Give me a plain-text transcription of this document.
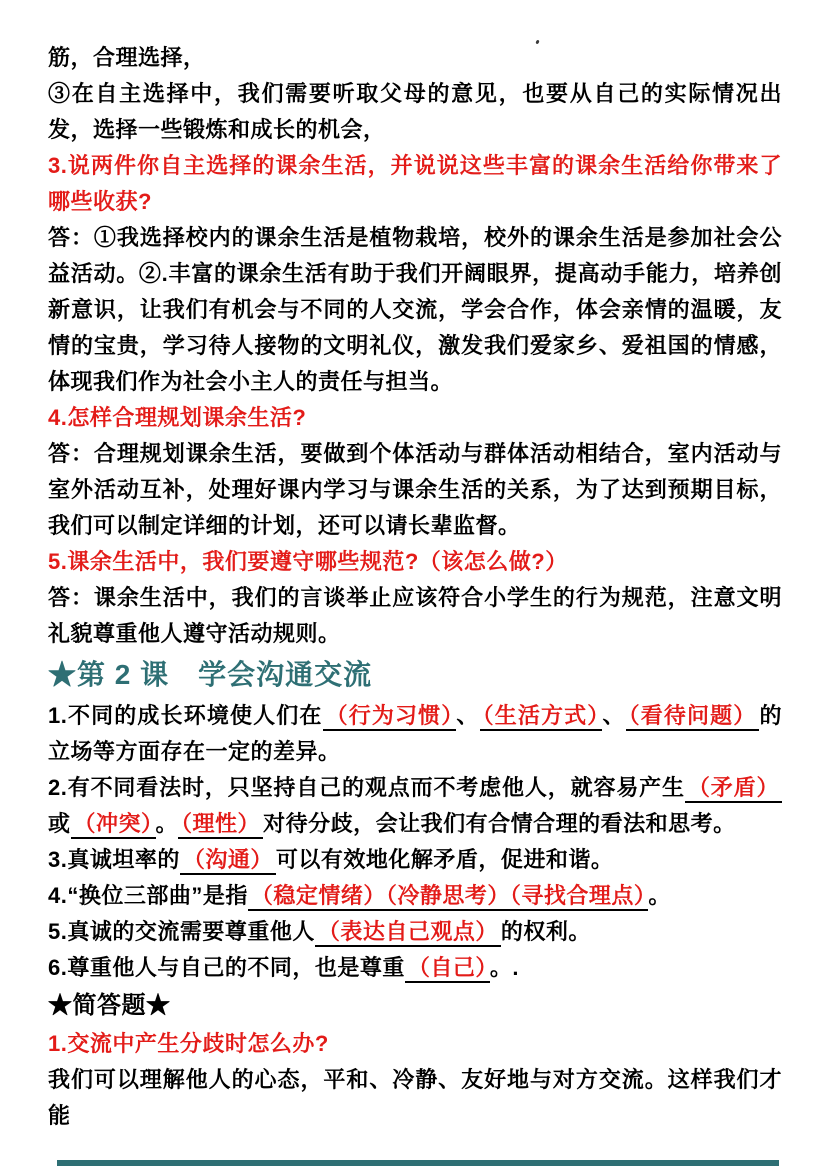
筋，合理选择，

③在自主选择中，我们需要听取父母的意见，也要从自己的实际情况出发，选择一些锻炼和成长的机会，

3.说两件你自主选择的课余生活，并说说这些丰富的课余生活给你带来了哪些收获?

答：①我选择校内的课余生活是植物栽培，校外的课余生活是参加社会公益活动。②.丰富的课余生活有助于我们开阔眼界，提高动手能力，培养创新意识，让我们有机会与不同的人交流，学会合作，体会亲情的温暖，友情的宝贵，学习待人接物的文明礼仪，激发我们爱家乡、爱祖国的情感，体现我们作为社会小主人的责任与担当。

4.怎样合理规划课余生活?

答：合理规划课余生活，要做到个体活动与群体活动相结合，室内活动与室外活动互补，处理好课内学习与课余生活的关系，为了达到预期目标，我们可以制定详细的计划，还可以请长辈监督。

5.课余生活中，我们要遵守哪些规范?（该怎么做?）

答：课余生活中，我们的言谈举止应该符合小学生的行为规范，注意文明礼貌尊重他人遵守活动规则。

★第 2 课　学会沟通交流

1.不同的成长环境使人们在 （行为习惯） 、 （生活方式） 、 （看待问题） 的立场等方面存在一定的差异。

2.有不同看法时，只坚持自己的观点而不考虑他人，就容易产生 （矛盾）或 （冲突） 。 （理性） 对待分歧，会让我们有合情合理的看法和思考。

3.真诚坦率的 （沟通） 可以有效地化解矛盾，促进和谐。

4.“换位三部曲”是指 （稳定情绪）（冷静思考）（寻找合理点） 。

5.真诚的交流需要尊重他人 （表达自己观点） 的权利。

6.尊重他人与自己的不同，也是尊重 （自己） 。.

★简答题★

1.交流中产生分歧时怎么办?

我们可以理解他人的心态，平和、冷静、友好地与对方交流。这样我们才能
